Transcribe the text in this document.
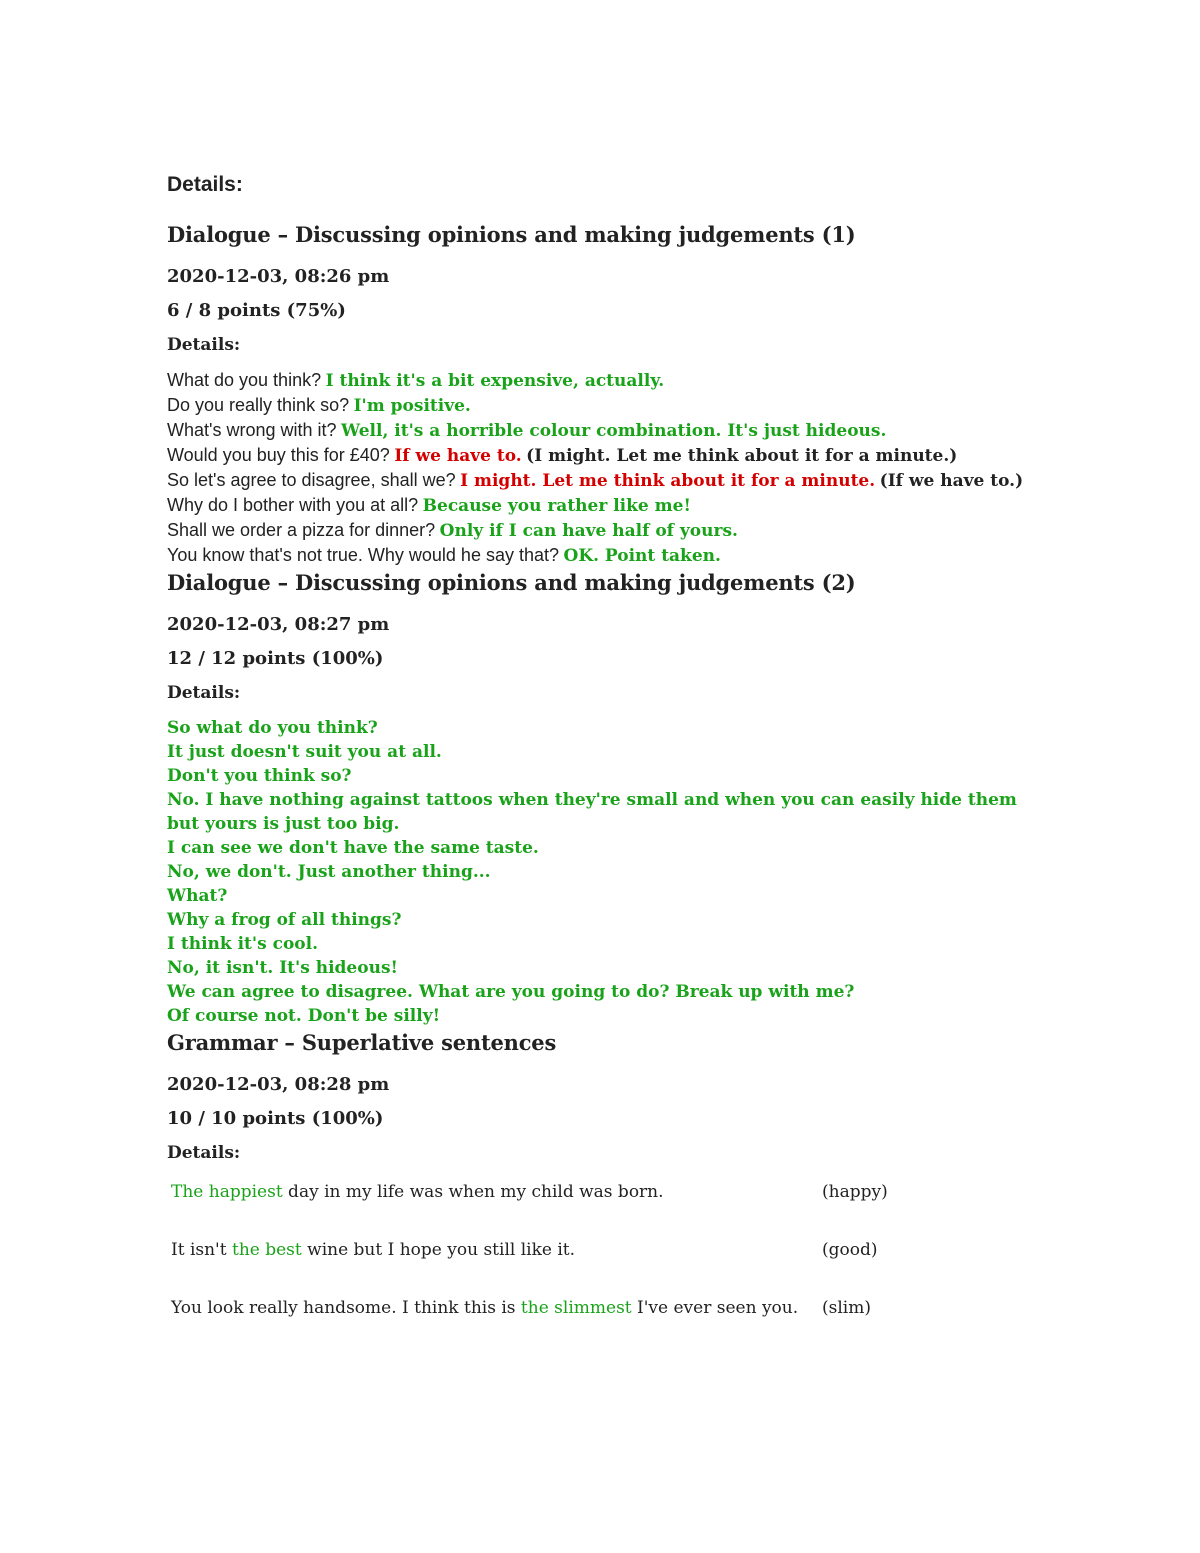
Details:
Dialogue – Discussing opinions and making judgements (1)
2020-12-03, 08:26 pm
6 / 8 points (75%)
Details:

What do you think? I think it's a bit expensive, actually.

Do you really think so? I'm positive.

What's wrong with it? Well, it's a horrible colour combination. It's just hideous.

Would you buy this for £40? If we have to. (I might. Let me think about it for a minute.)

So let's agree to disagree, shall we? I might. Let me think about it for a minute. (If we have to.)

Why do I bother with you at all? Because you rather like me!

Shall we order a pizza for dinner? Only if I can have half of yours.

You know that's not true. Why would he say that? OK. Point taken.

Dialogue – Discussing opinions and making judgements (2)
2020-12-03, 08:27 pm
12 / 12 points (100%)
Details:

So what do you think?

It just doesn't suit you at all.

Don't you think so?

No. I have nothing against tattoos when they're small and when you can easily hide them but yours is just too big.

I can see we don't have the same taste.

No, we don't. Just another thing...

What?

Why a frog of all things?

I think it's cool.

No, it isn't. It's hideous!

We can agree to disagree. What are you going to do? Break up with me?

Of course not. Don't be silly!

Grammar – Superlative sentences
2020-12-03, 08:28 pm
10 / 10 points (100%)
Details:
The happiest day in my life was when my child was born.	(happy)
It isn't the best wine but I hope you still like it.	(good)
You look really handsome. I think this is the slimmest I've ever seen you. (slim)
